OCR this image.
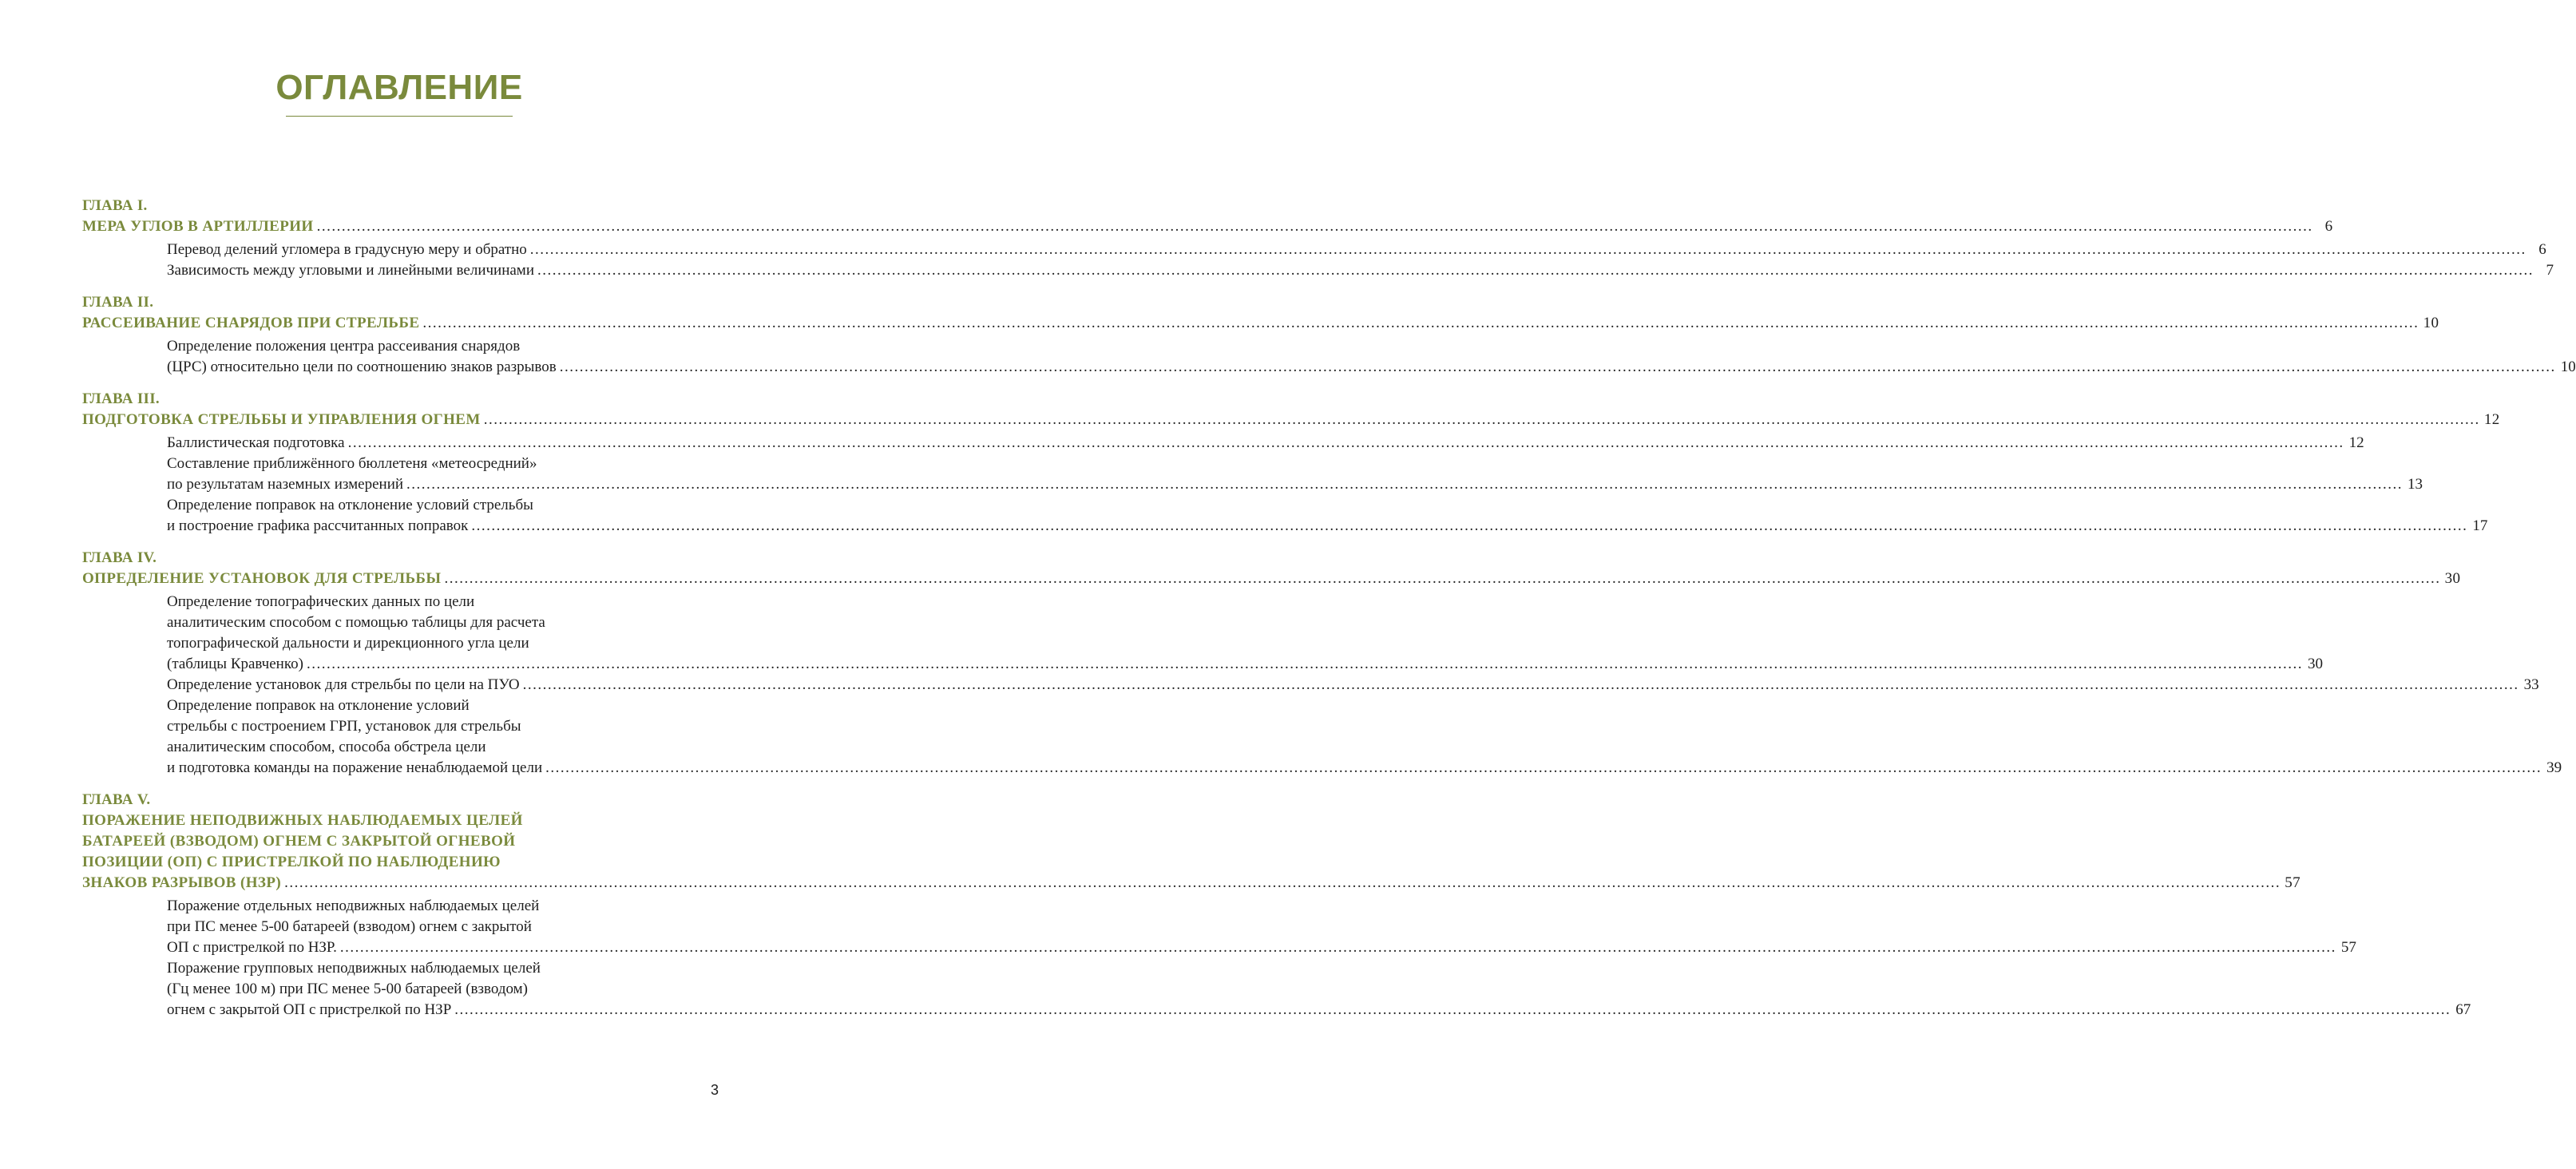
ОГЛАВЛЕНИЕ
ГЛАВА I.
МЕРА УГЛОВ В АРТИЛЛЕРИИ ................................................................................................................................................................................................................................................................................................................................................................................................................ 6
Перевод делений угломера в градусную меру и обратно ................................................................................................................................................................................................................................................................................................................................................................................................................ 6
Зависимость между угловыми и линейными величинами ................................................................................................................................................................................................................................................................................................................................................................................................................ 7
ГЛАВА II.
РАССЕИВАНИЕ СНАРЯДОВ ПРИ СТРЕЛЬБЕ ................................................................................................................................................................................................................................................................................................................................................................................................................ 10
Определение положения центра рассеивания снарядов
(ЦРС) относительно цели по соотношению знаков разрывов ................................................................................................................................................................................................................................................................................................................................................................................................................ 10
ГЛАВА III.
ПОДГОТОВКА СТРЕЛЬБЫ И УПРАВЛЕНИЯ ОГНЕМ ................................................................................................................................................................................................................................................................................................................................................................................................................ 12
Баллистическая подготовка ................................................................................................................................................................................................................................................................................................................................................................................................................ 12
Составление приближённого бюллетеня «метеосредний»
по результатам наземных измерений ................................................................................................................................................................................................................................................................................................................................................................................................................ 13
Определение поправок на отклонение условий стрельбы
и построение графика рассчитанных поправок ................................................................................................................................................................................................................................................................................................................................................................................................................ 17
ГЛАВА IV.
ОПРЕДЕЛЕНИЕ УСТАНОВОК ДЛЯ СТРЕЛЬБЫ ................................................................................................................................................................................................................................................................................................................................................................................................................ 30
Определение топографических данных по цели
аналитическим способом с помощью таблицы для расчета
топографической дальности и дирекционного угла цели
(таблицы Кравченко) ................................................................................................................................................................................................................................................................................................................................................................................................................ 30
Определение установок для стрельбы по цели на ПУО ................................................................................................................................................................................................................................................................................................................................................................................................................ 33
Определение поправок на отклонение условий
стрельбы с построением ГРП, установок для стрельбы
аналитическим способом, способа обстрела цели
и подготовка команды на поражение ненаблюдаемой цели ................................................................................................................................................................................................................................................................................................................................................................................................................ 39
ГЛАВА V.
ПОРАЖЕНИЕ НЕПОДВИЖНЫХ НАБЛЮДАЕМЫХ ЦЕЛЕЙ
БАТАРЕЕЙ (ВЗВОДОМ) ОГНЕМ С ЗАКРЫТОЙ ОГНЕВОЙ
ПОЗИЦИИ (ОП) С ПРИСТРЕЛКОЙ ПО НАБЛЮДЕНИЮ
ЗНАКОВ РАЗРЫВОВ (НЗР) ................................................................................................................................................................................................................................................................................................................................................................................................................ 57
Поражение отдельных неподвижных наблюдаемых целей
при ПС менее 5-00 батареей (взводом) огнем с закрытой
ОП с пристрелкой по НЗР. ................................................................................................................................................................................................................................................................................................................................................................................................................ 57
Поражение групповых неподвижных наблюдаемых целей
(Гц менее 100 м) при ПС менее 5-00 батареей (взводом)
огнем с закрытой ОП с пристрелкой по НЗР ................................................................................................................................................................................................................................................................................................................................................................................................................ 67
3
